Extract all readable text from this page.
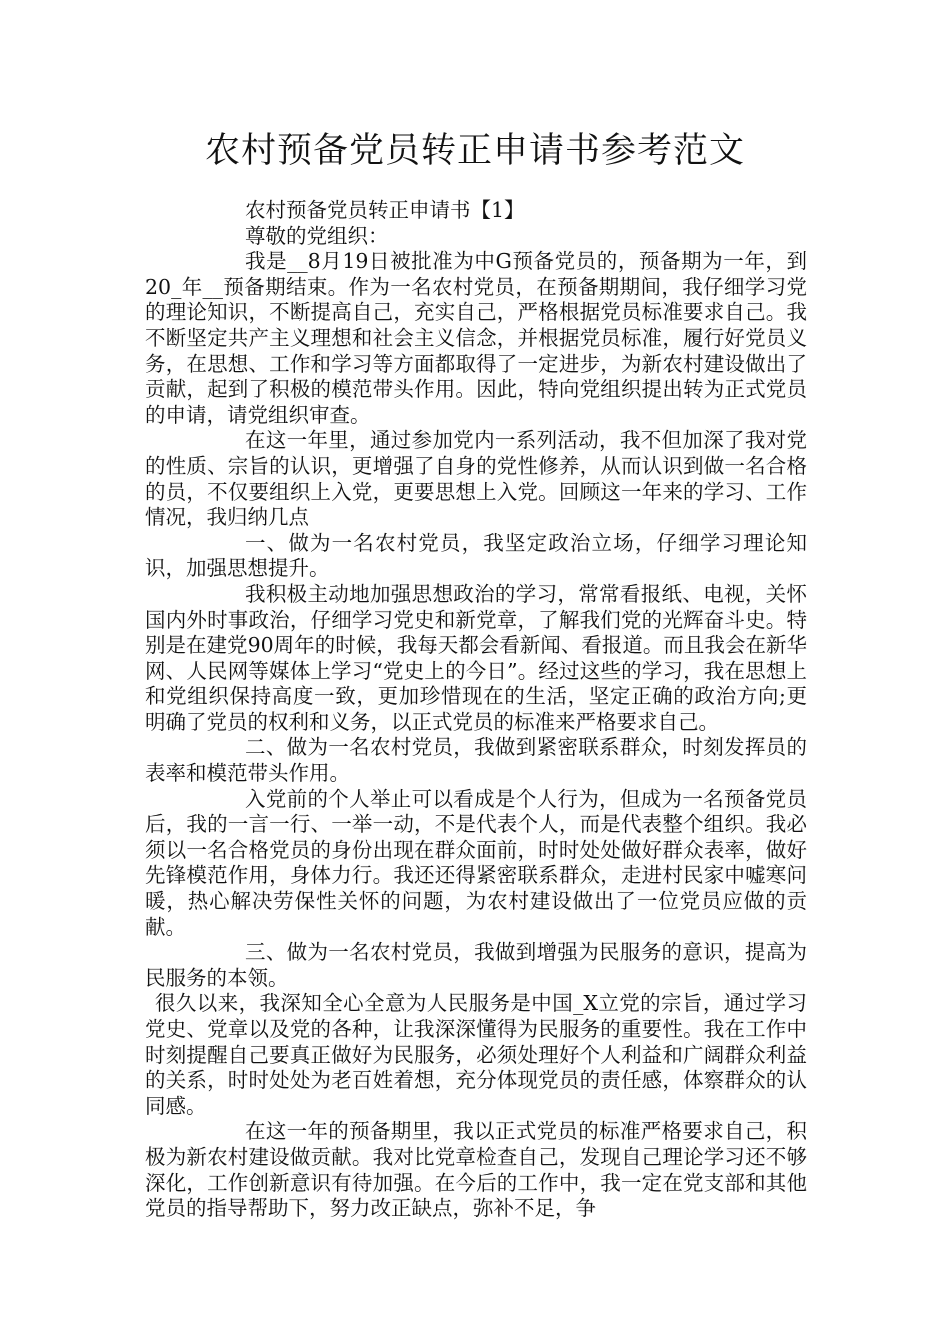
农村预备党员转正申请书参考范文

农村预备党员转正申请书【1】

尊敬的党组织：

我是__8月19日被批准为中G预备党员的，预备期为一年，到20_年__预备期结束。作为一名农村党员，在预备期期间，我仔细学习党的理论知识，不断提高自己，充实自己，严格根据党员标准要求自己。我不断坚定共产主义理想和社会主义信念，并根据党员标准，履行好党员义务，在思想、工作和学习等方面都取得了一定进步，为新农村建设做出了贡献，起到了积极的模范带头作用。因此，特向党组织提出转为正式党员的申请，请党组织审查。

在这一年里，通过参加党内一系列活动，我不但加深了我对党的性质、宗旨的认识，更增强了自身的党性修养，从而认识到做一名合格的员，不仅要组织上入党，更要思想上入党。回顾这一年来的学习、工作情况，我归纳几点

一、做为一名农村党员，我坚定政治立场，仔细学习理论知识，加强思想提升。

我积极主动地加强思想政治的学习，常常看报纸、电视，关怀国内外时事政治，仔细学习党史和新党章，了解我们党的光辉奋斗史。特别是在建党90周年的时候，我每天都会看新闻、看报道。而且我会在新华网、人民网等媒体上学习“党史上的今日”。经过这些的学习，我在思想上和党组织保持高度一致，更加珍惜现在的生活，坚定正确的政治方向;更明确了党员的权利和义务，以正式党员的标准来严格要求自己。

二、做为一名农村党员，我做到紧密联系群众，时刻发挥员的表率和模范带头作用。

入党前的个人举止可以看成是个人行为，但成为一名预备党员后，我的一言一行、一举一动，不是代表个人，而是代表整个组织。我必须以一名合格党员的身份出现在群众面前，时时处处做好群众表率，做好先锋模范作用，身体力行。我还还得紧密联系群众，走进村民家中嘘寒问暖，热心解决劳保性关怀的问题，为农村建设做出了一位党员应做的贡献。

三、做为一名农村党员，我做到增强为民服务的意识，提高为民服务的本领。

很久以来，我深知全心全意为人民服务是中国_X立党的宗旨，通过学习党史、党章以及党的各种，让我深深懂得为民服务的重要性。我在工作中时刻提醒自己要真正做好为民服务，必须处理好个人利益和广阔群众利益的关系，时时处处为老百姓着想，充分体现党员的责任感，体察群众的认同感。

在这一年的预备期里，我以正式党员的标准严格要求自己，积极为新农村建设做贡献。我对比党章检查自己，发现自己理论学习还不够深化，工作创新意识有待加强。在今后的工作中，我一定在党支部和其他党员的指导帮助下，努力改正缺点，弥补不足，争
